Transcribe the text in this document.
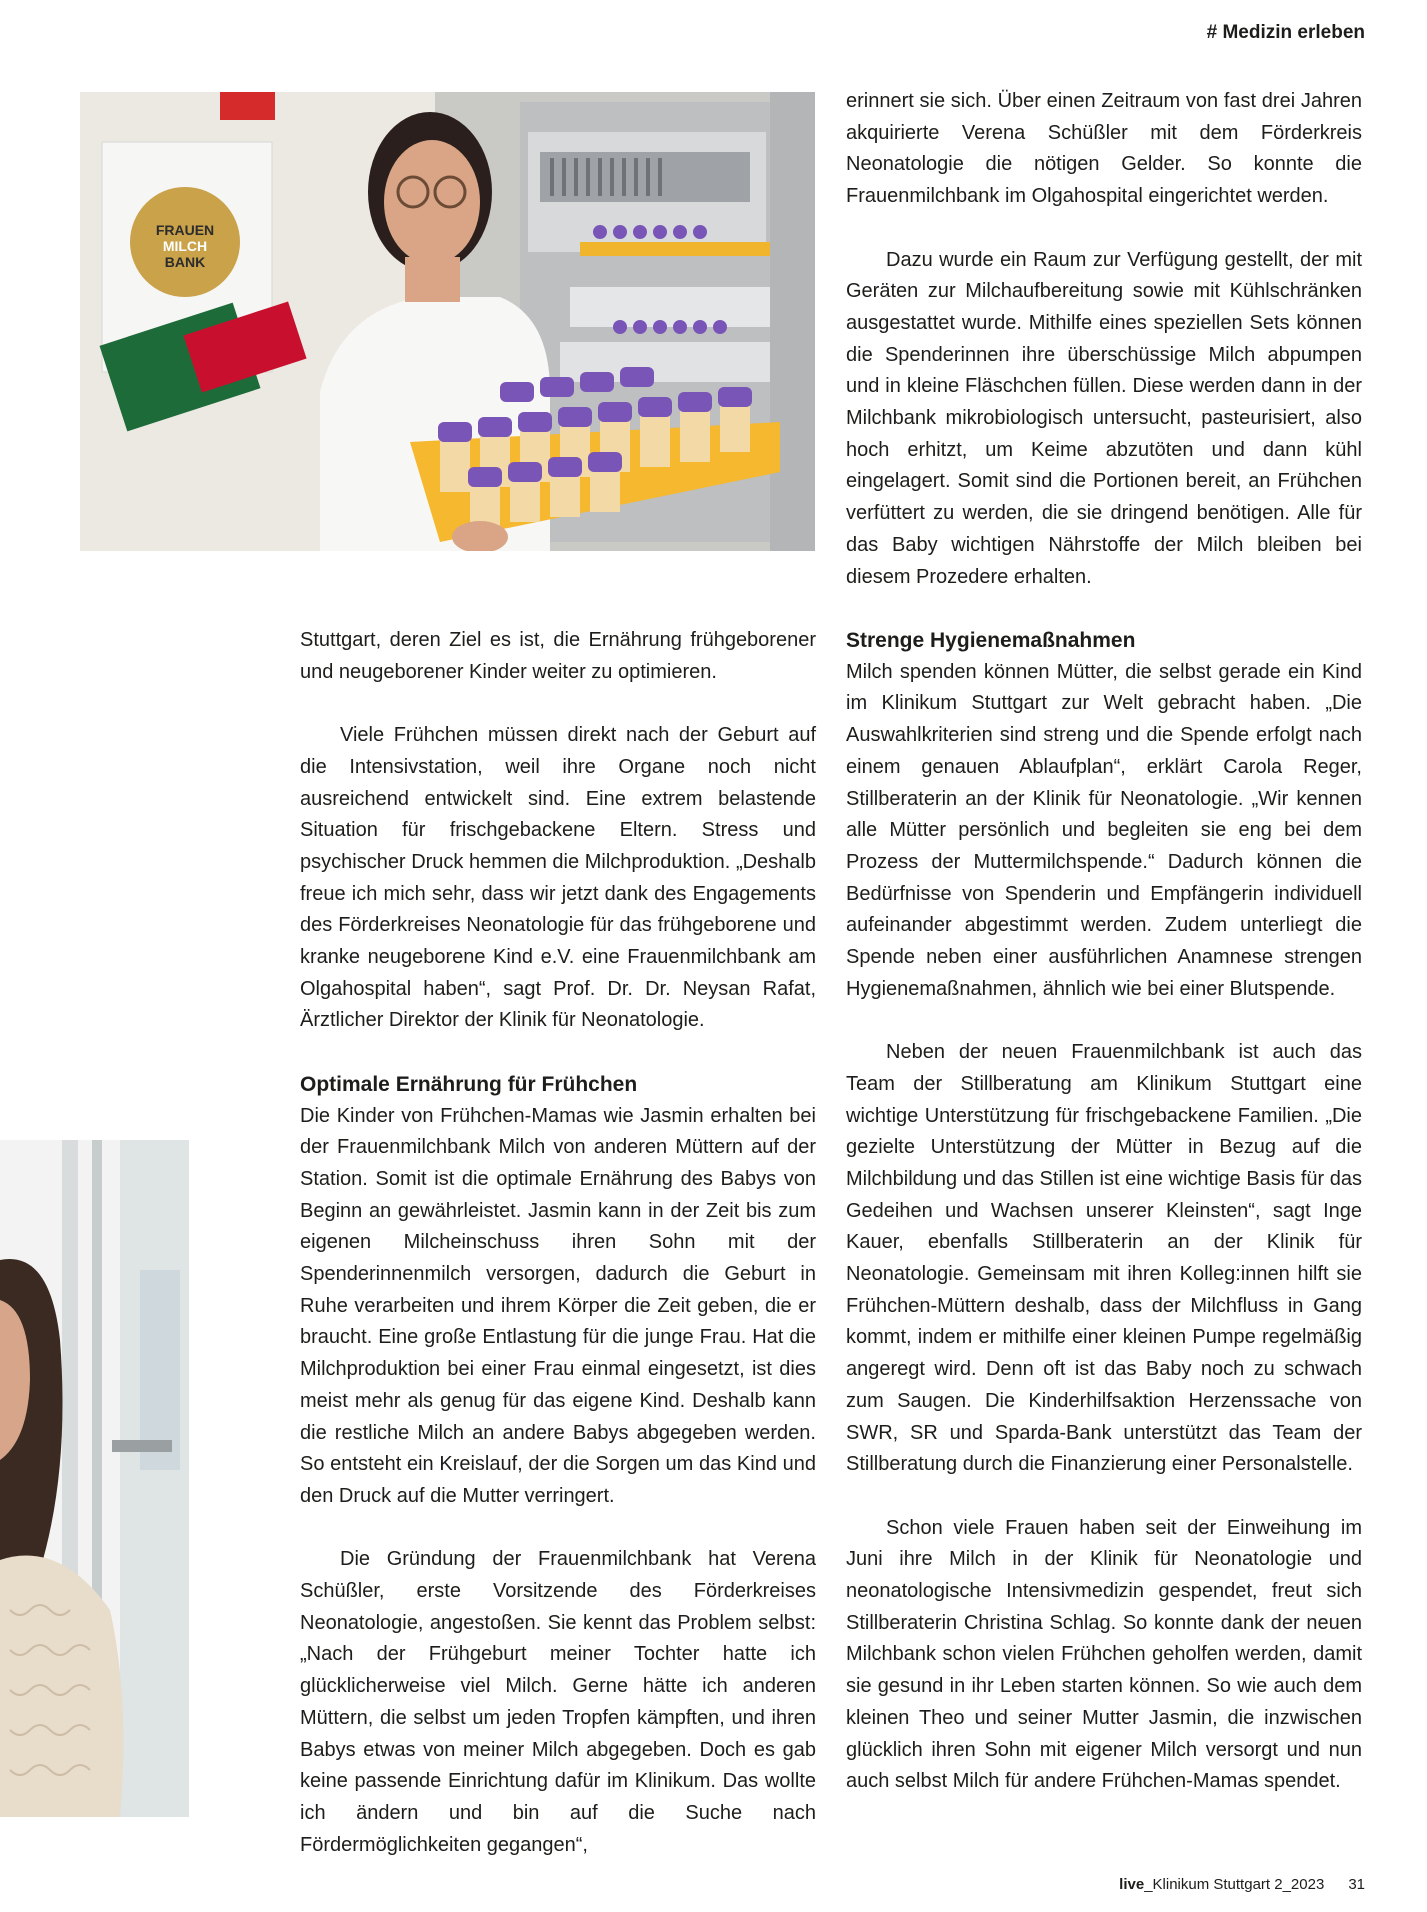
# Medizin erleben
FRAUEN
MILCH
BANK

Stuttgart, deren Ziel es ist, die Ernährung frühgeborener und neugeborener Kinder weiter zu optimieren.

Viele Frühchen müssen direkt nach der Geburt auf die Intensivstation, weil ihre Organe noch nicht ausreichend entwickelt sind. Eine extrem belastende Situation für frischgebackene Eltern. Stress und psychischer Druck hemmen die Milchproduktion. „Deshalb freue ich mich sehr, dass wir jetzt dank des Engagements des Förderkreises Neonatologie für das frühgeborene und kranke neugeborene Kind e.V. eine Frauenmilchbank am Olgahospital haben“, sagt Prof. Dr. Dr. Neysan Rafat, Ärztlicher Direktor der Klinik für Neonatologie.

Optimale Ernährung für Frühchen

Die Kinder von Frühchen-Mamas wie Jasmin erhalten bei der Frauenmilchbank Milch von anderen Müttern auf der Station. Somit ist die optimale Ernährung des Babys von Beginn an gewährleistet. Jasmin kann in der Zeit bis zum eigenen Milcheinschuss ihren Sohn mit der Spenderinnenmilch versorgen, dadurch die Geburt in Ruhe verarbeiten und ihrem Körper die Zeit geben, die er braucht. Eine große Entlastung für die junge Frau. Hat die Milchproduktion bei einer Frau einmal eingesetzt, ist dies meist mehr als genug für das eigene Kind. Deshalb kann die restliche Milch an andere Babys abgegeben werden. So entsteht ein Kreislauf, der die Sorgen um das Kind und den Druck auf die Mutter verringert.

Die Gründung der Frauenmilchbank hat Verena Schüßler, erste Vorsitzende des Förderkreises Neonatologie, angestoßen. Sie kennt das Problem selbst: „Nach der Frühgeburt meiner Tochter hatte ich glücklicherweise viel Milch. Gerne hätte ich anderen Müttern, die selbst um jeden Tropfen kämpften, und ihren Babys etwas von meiner Milch abgegeben. Doch es gab keine passende Einrichtung dafür im Klinikum. Das wollte ich ändern und bin auf die Suche nach Fördermöglichkeiten gegangen“,

erinnert sie sich. Über einen Zeitraum von fast drei Jahren akquirierte Verena Schüßler mit dem Förderkreis Neonatologie die nötigen Gelder. So konnte die Frauenmilchbank im Olgahospital eingerichtet werden.

Dazu wurde ein Raum zur Verfügung gestellt, der mit Geräten zur Milchaufbereitung sowie mit Kühlschränken ausgestattet wurde. Mithilfe eines speziellen Sets können die Spenderinnen ihre überschüssige Milch abpumpen und in kleine Fläschchen füllen. Diese werden dann in der Milchbank mikrobiologisch untersucht, pasteurisiert, also hoch erhitzt, um Keime abzutöten und dann kühl eingelagert. Somit sind die Portionen bereit, an Frühchen verfüttert zu werden, die sie dringend benötigen. Alle für das Baby wichtigen Nährstoffe der Milch bleiben bei diesem Prozedere erhalten.

Strenge Hygienemaßnahmen

Milch spenden können Mütter, die selbst gerade ein Kind im Klinikum Stuttgart zur Welt gebracht haben. „Die Auswahlkriterien sind streng und die Spende erfolgt nach einem genauen Ablaufplan“, erklärt Carola Reger, Stillberaterin an der Klinik für Neonatologie. „Wir kennen alle Mütter persönlich und begleiten sie eng bei dem Prozess der Muttermilchspende.“ Dadurch können die Bedürfnisse von Spenderin und Empfängerin individuell aufeinander abgestimmt werden. Zudem unterliegt die Spende neben einer ausführlichen Anamnese strengen Hygienemaßnahmen, ähnlich wie bei einer Blutspende.

Neben der neuen Frauenmilchbank ist auch das Team der Stillberatung am Klinikum Stuttgart eine wichtige Unterstützung für frischgebackene Familien. „Die gezielte Unterstützung der Mütter in Bezug auf die Milchbildung und das Stillen ist eine wichtige Basis für das Gedeihen und Wachsen unserer Kleinsten“, sagt Inge Kauer, ebenfalls Stillberaterin an der Klinik für Neonatologie. Gemeinsam mit ihren Kolleg:innen hilft sie Frühchen-Müttern deshalb, dass der Milchfluss in Gang kommt, indem er mithilfe einer kleinen Pumpe regelmäßig angeregt wird. Denn oft ist das Baby noch zu schwach zum Saugen. Die Kinderhilfsaktion Herzenssache von SWR, SR und Sparda-Bank unterstützt das Team der Stillberatung durch die Finanzierung einer Personalstelle.

Schon viele Frauen haben seit der Einweihung im Juni ihre Milch in der Klinik für Neonatologie und neonatologische Intensivmedizin gespendet, freut sich Stillberaterin Christina Schlag. So konnte dank der neuen Milchbank schon vielen Frühchen geholfen werden, damit sie gesund in ihr Leben starten können. So wie auch dem kleinen Theo und seiner Mutter Jasmin, die inzwischen glücklich ihren Sohn mit eigener Milch versorgt und nun auch selbst Milch für andere Frühchen-Mamas spendet.

live_Klinikum Stuttgart 2_2023 31
